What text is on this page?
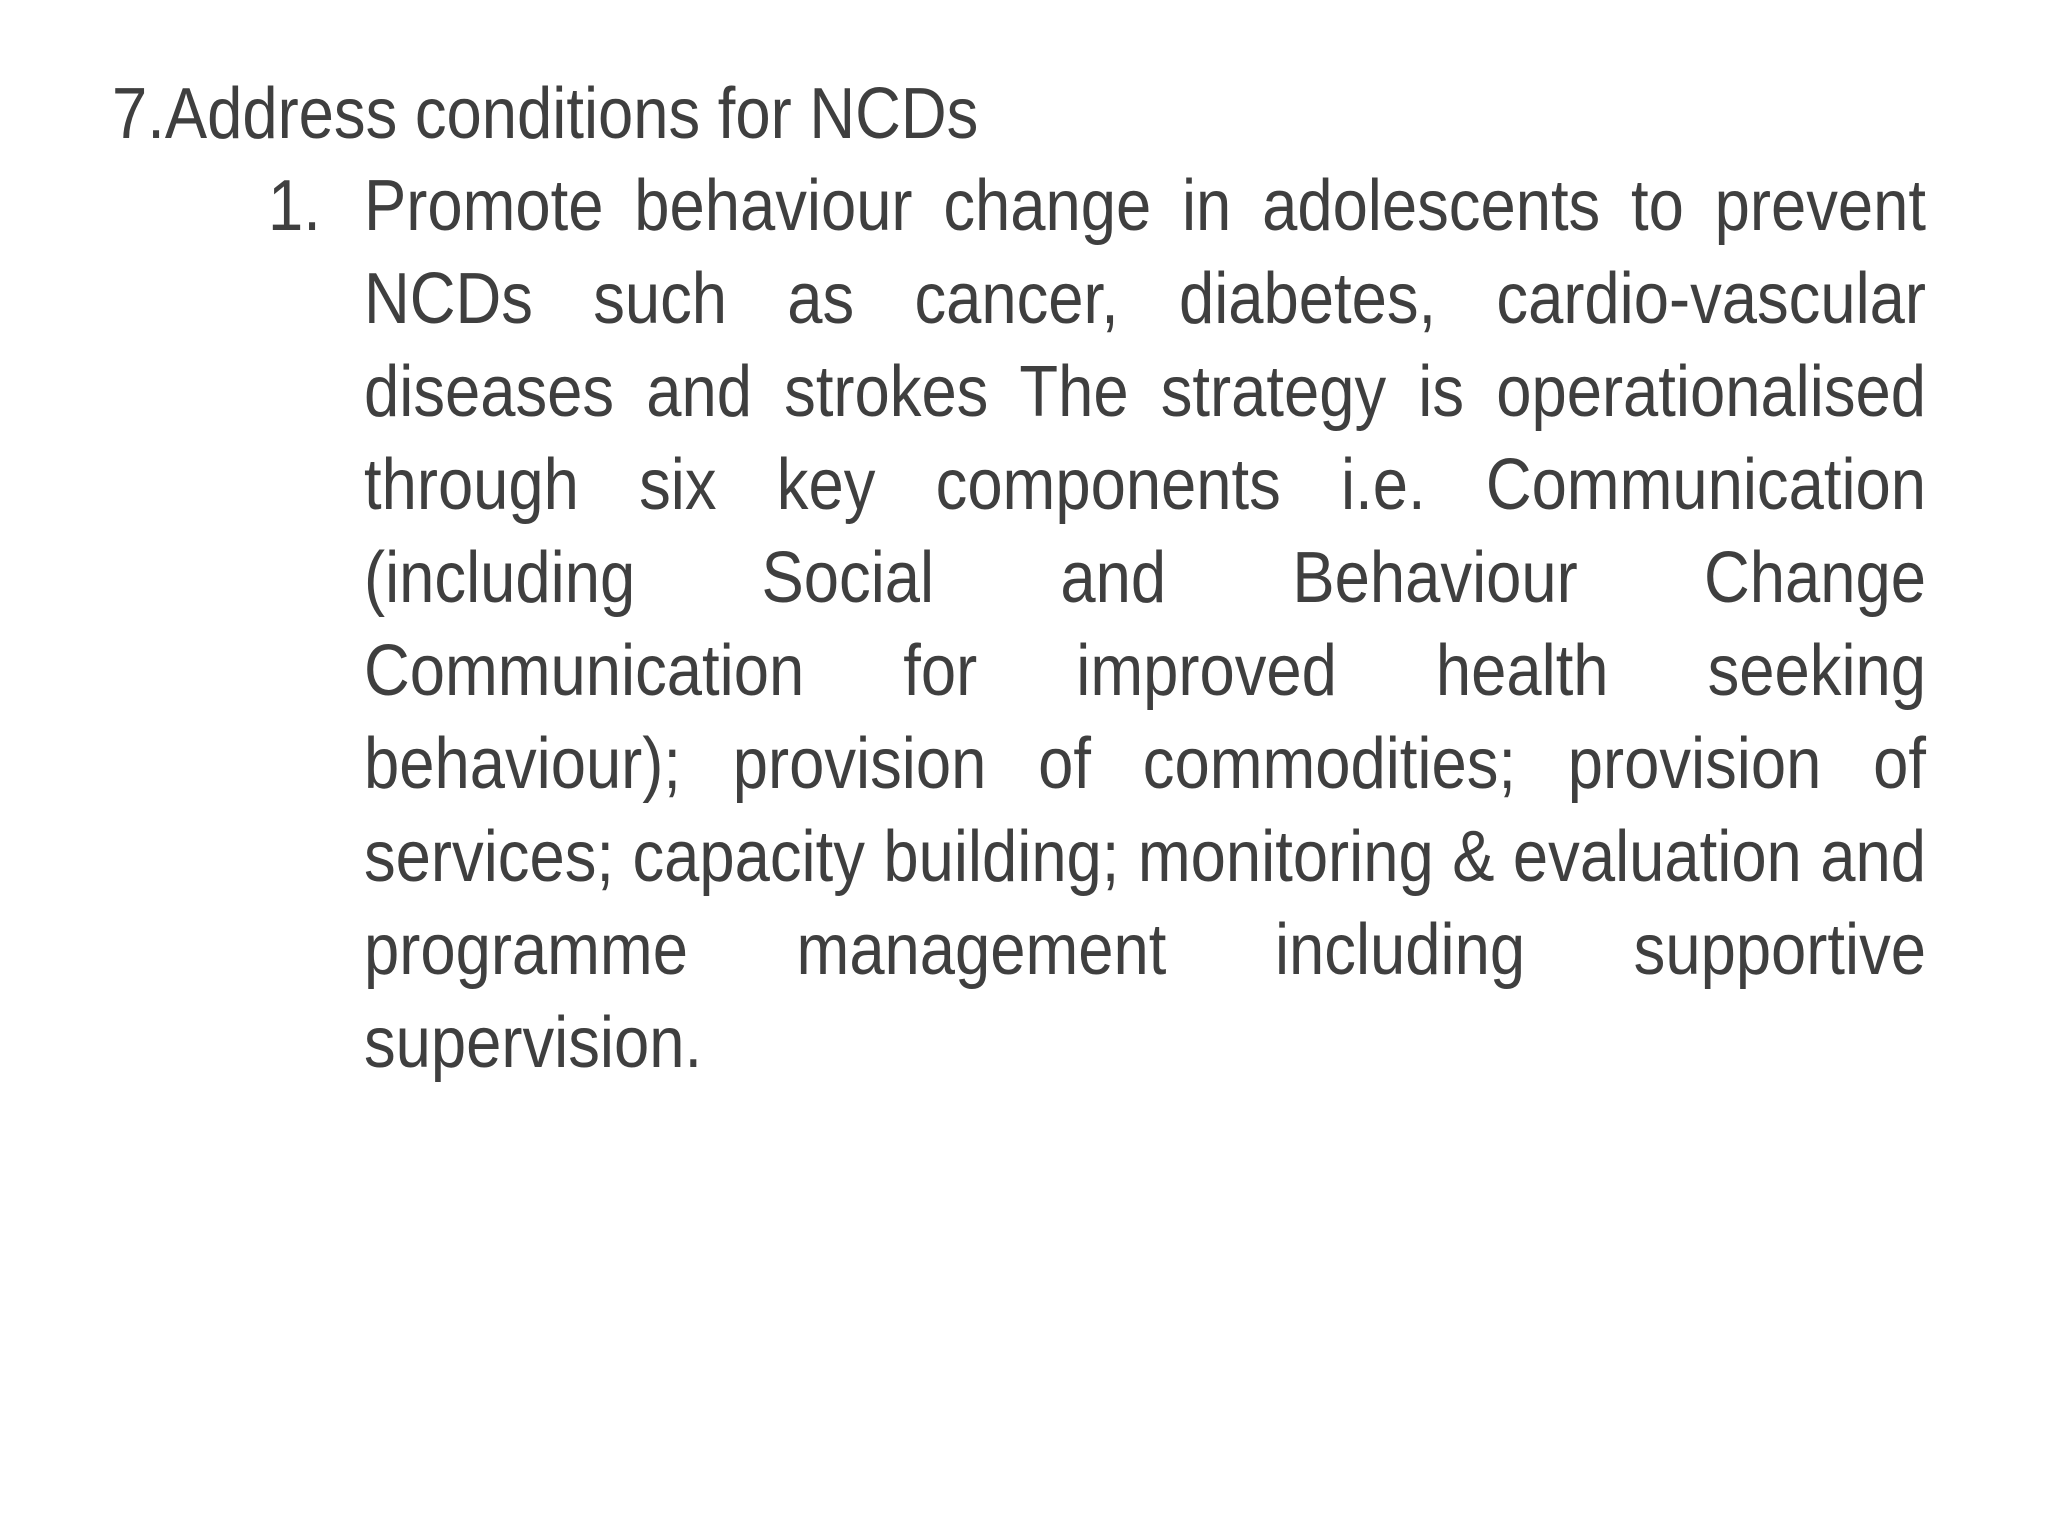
7.Address conditions for NCDs
1. Promote behaviour change in adolescents to prevent NCDs such as cancer, diabetes, cardio-vascular diseases and strokes The strategy is operationalised through six key components i.e. Communication (including Social and Behaviour Change Communication for improved health seeking behaviour); provision of commodities; provision of services; capacity building; monitoring & evaluation and programme management including supportive supervision.
